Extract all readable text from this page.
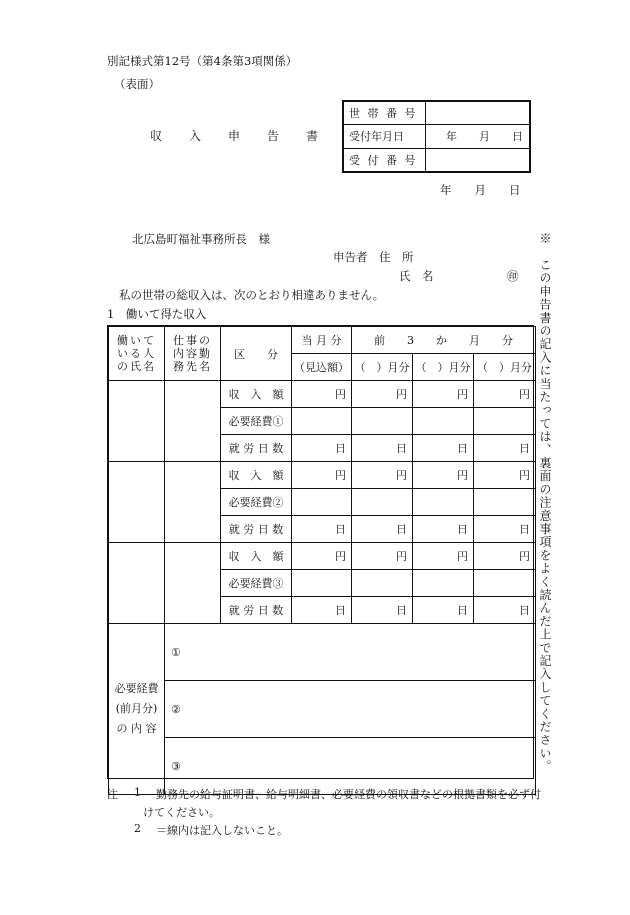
別記様式第12号（第4条第3項関係）
（表面）
収　　入　　申　　告　　書
世 帯 番 号	
受付年月日	年　　月　　日
受 付 番 号	
年　　月　　日
北広島町福祉事務所長　様
申告者　住　所
氏　名	㊞
私の世帯の総収入は、次のとおり相違ありません。
1　働いて得た収入	※　この申告書の記入に当たっては、裏面の注意事項をよく読んだ上で記入してください。
働いて
いる人
の氏名	仕事の
内容勤
務先名	区　　分	当 月 分	前　　3　　か　　月　　分		
			（見込額）	（　）月分	（　）月分	（　）月分
		収　入　額	円	円	円	円
		必要経費①				
		就 労 日 数	日	日	日	日
		収　入　額	円	円	円	円
		必要経費②				
		就 労 日 数	日	日	日	日
		収　入　額	円	円	円	円
		必要経費③				
		就 労 日 数	日	日	日	日

必要経費
(前月分)
の 内 容	①					
	②					
	③					
注 1 勤務先の給与証明書、給与明細書、必要経費の領収書などの根拠書類を必ず付
けてください。
2 ＝線内は記入しないこと。
